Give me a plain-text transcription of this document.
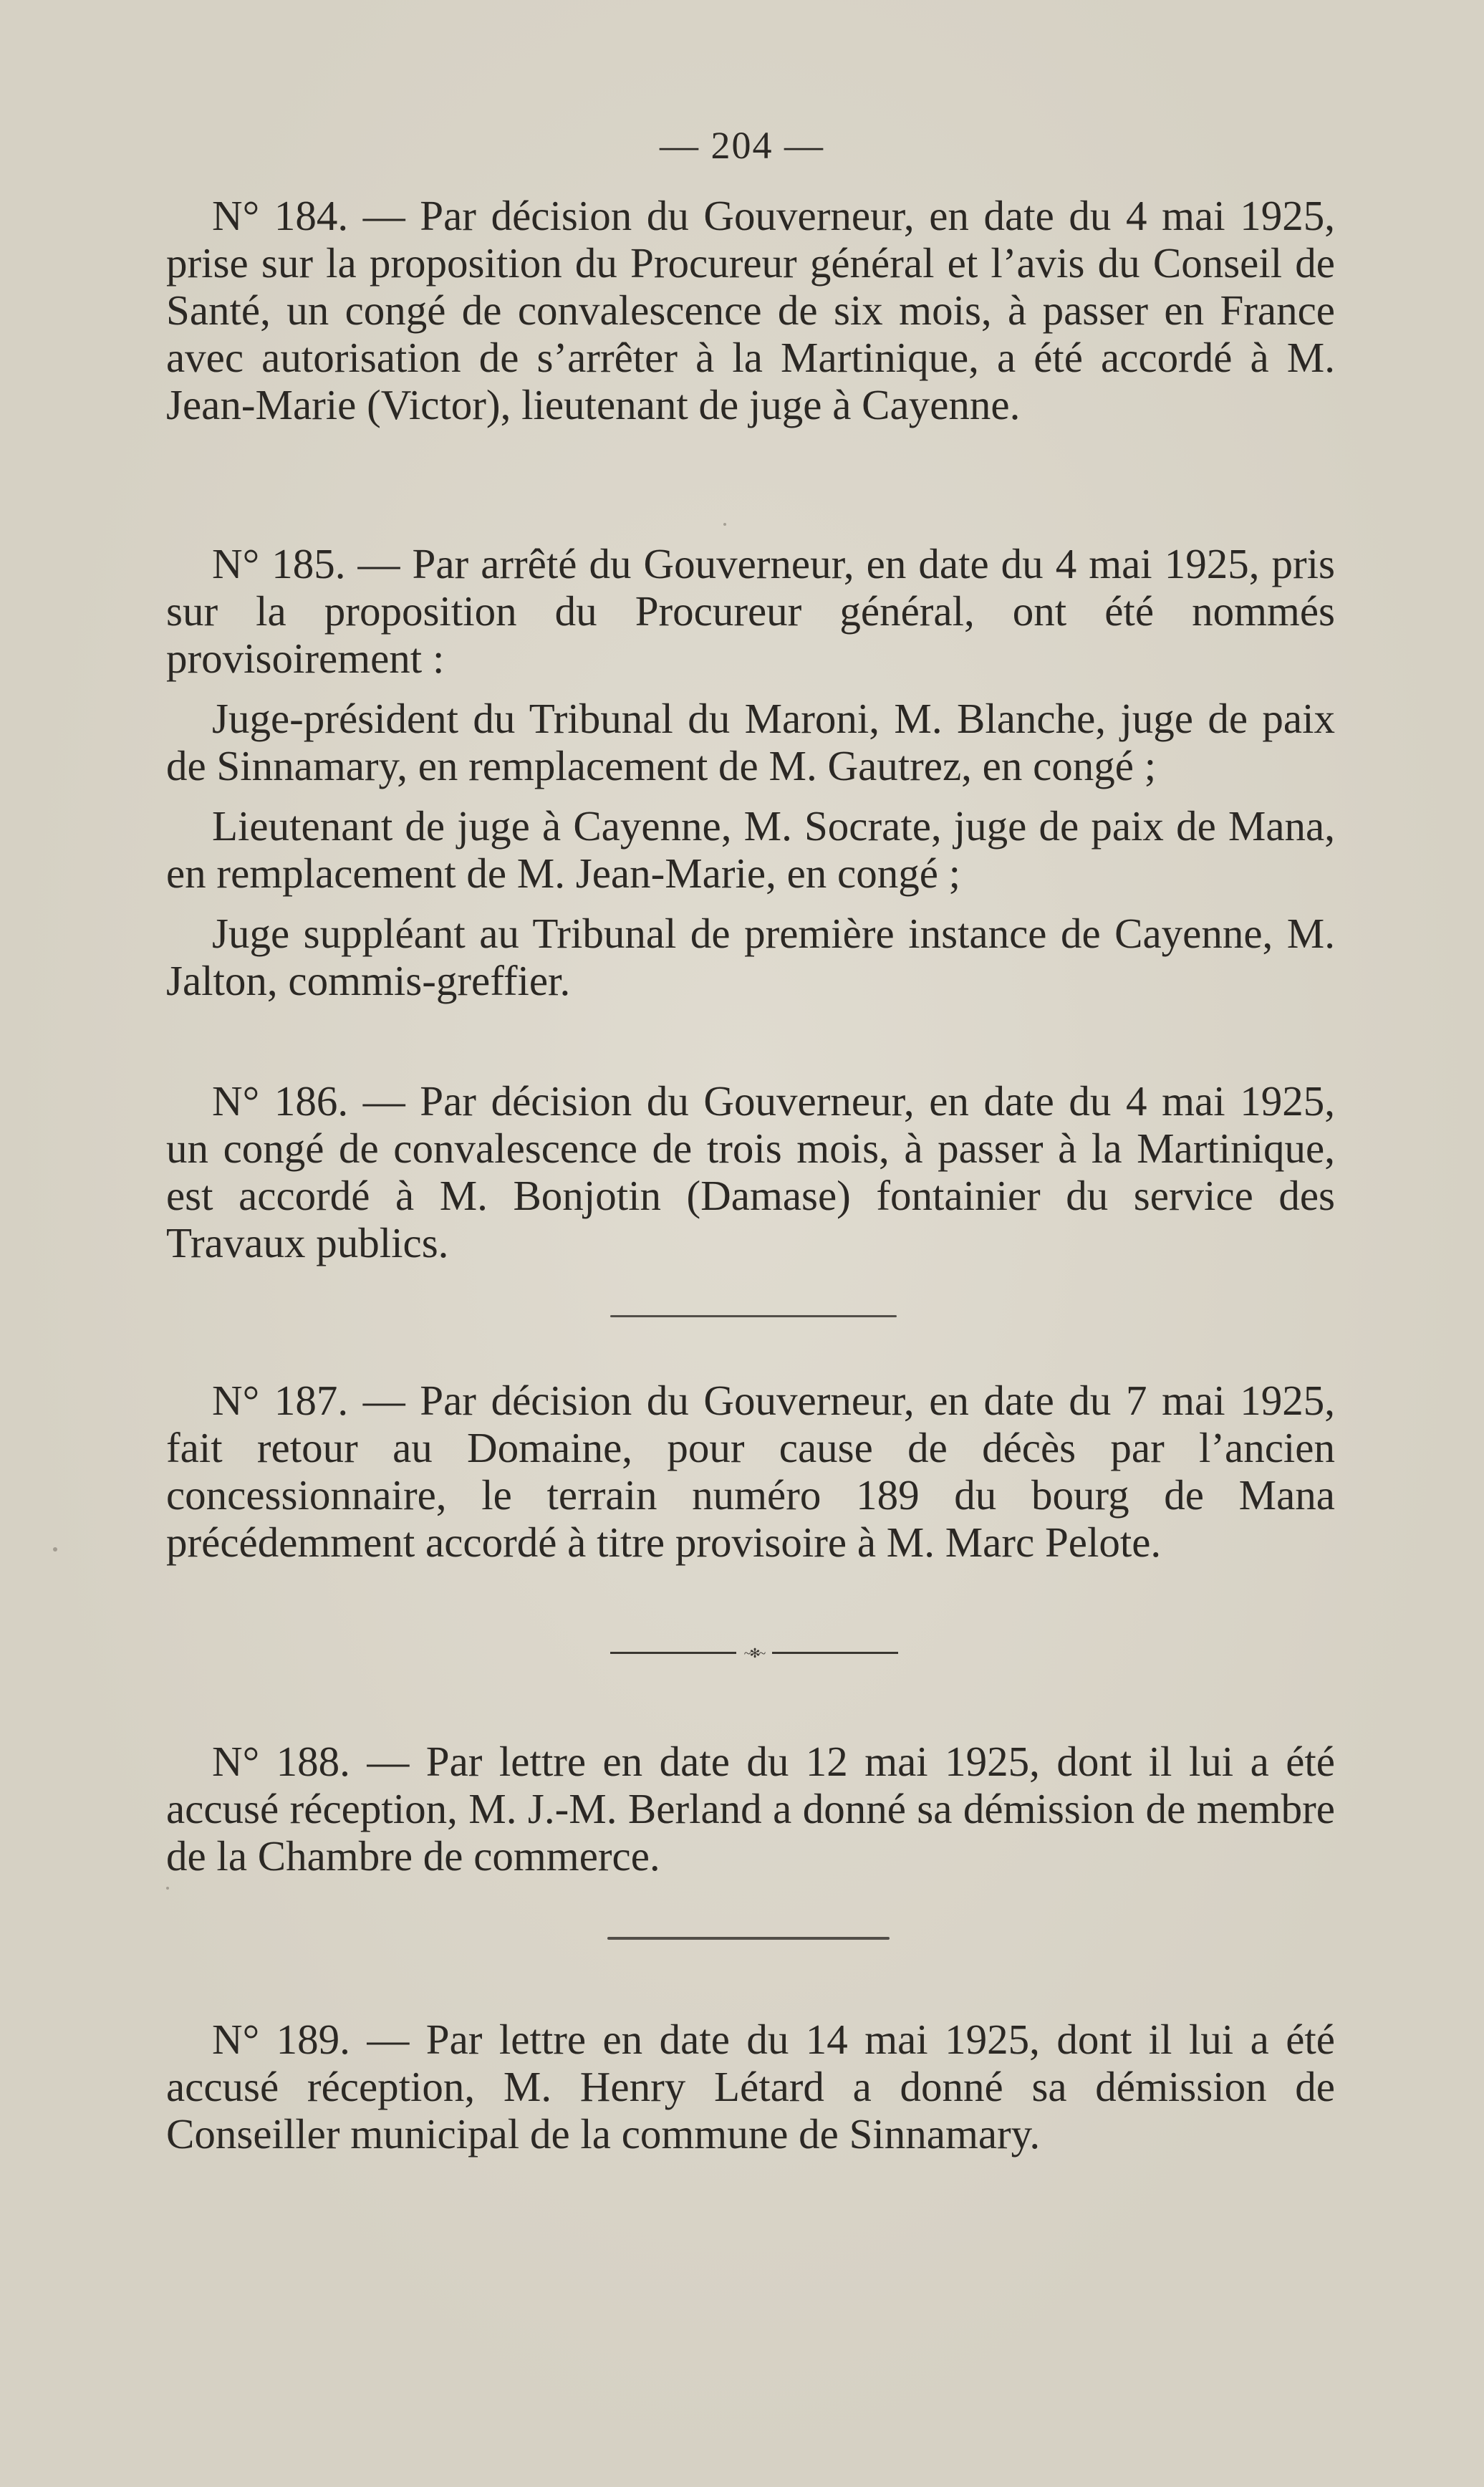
— 204 —

N° 184. — Par décision du Gouverneur, en date du 4 mai 1925, prise sur la proposition du Procureur général et l’avis du Conseil de Santé, un congé de convalescence de six mois, à passer en France avec autorisation de s’arrêter à la Martinique, a été accordé à M. Jean-Marie (Victor), lieutenant de juge à Cayenne.

N° 185. — Par arrêté du Gouverneur, en date du 4 mai 1925, pris sur la proposition du Procureur général, ont été nommés provisoirement :

Juge-président du Tribunal du Maroni, M. Blanche, juge de paix de Sinnamary, en remplacement de M. Gautrez, en congé ;

Lieutenant de juge à Cayenne, M. Socrate, juge de paix de Mana, en remplacement de M. Jean-Marie, en congé ;

Juge suppléant au Tribunal de première instance de Cayenne, M. Jalton, commis-greffier.

N° 186. — Par décision du Gouverneur, en date du 4 mai 1925, un congé de convalescence de trois mois, à passer à la Martinique, est accordé à M. Bonjotin (Damase) fontainier du service des Travaux publics.

N° 187. — Par décision du Gouverneur, en date du 7 mai 1925, fait retour au Domaine, pour cause de décès par l’ancien concessionnaire, le terrain numéro 189 du bourg de Mana précédemment accordé à titre provisoire à M. Marc Pelote.

~✻~

N° 188. — Par lettre en date du 12 mai 1925, dont il lui a été accusé réception, M. J.-M. Berland a donné sa démission de membre de la Chambre de commerce.

N° 189. — Par lettre en date du 14 mai 1925, dont il lui a été accusé réception, M. Henry Létard a donné sa démission de Conseiller municipal de la commune de Sinnamary.
